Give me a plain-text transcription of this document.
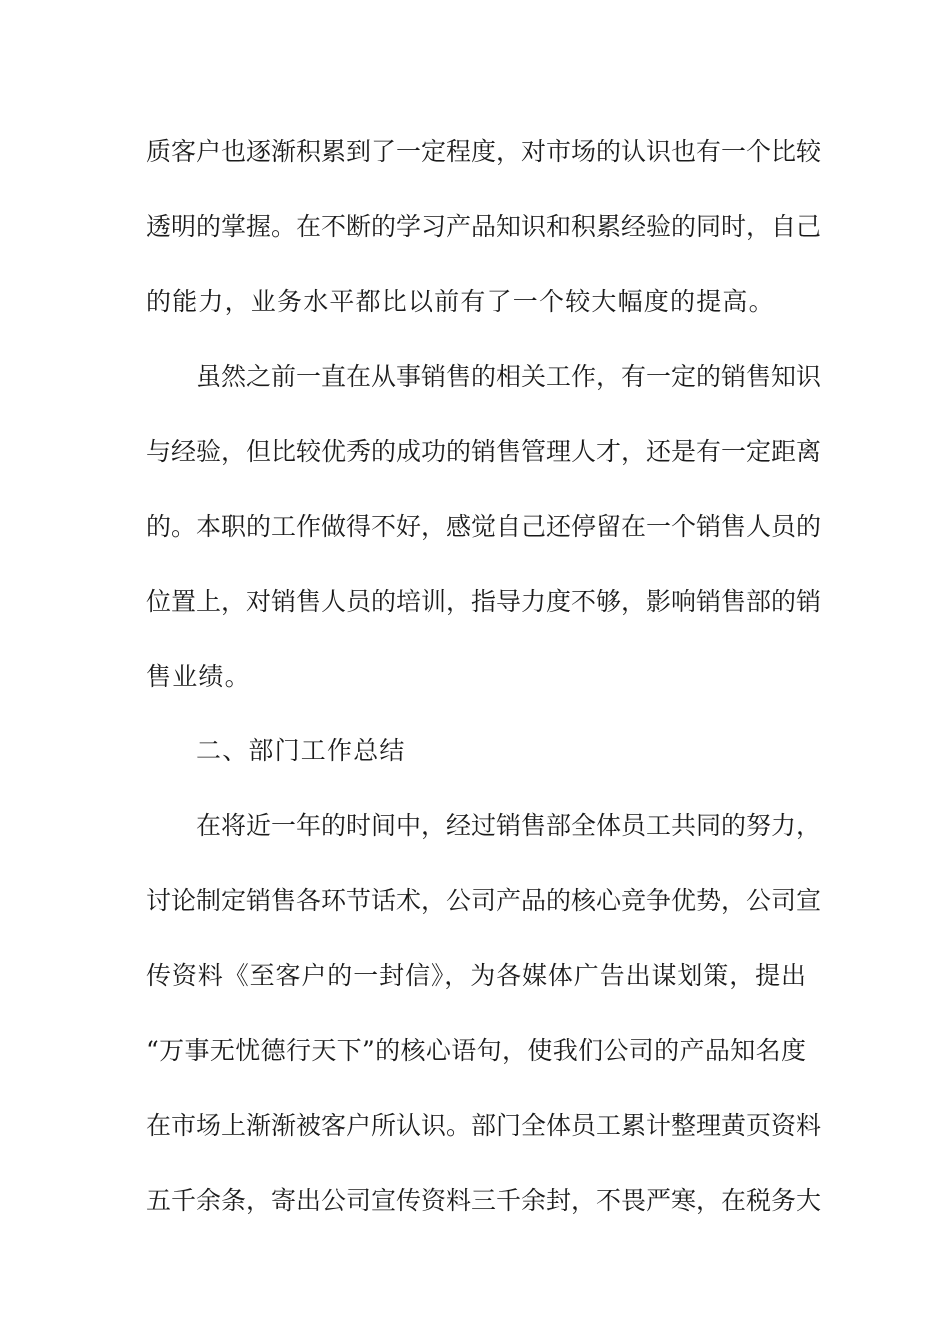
质客户也逐渐积累到了一定程度，对市场的认识也有一个比较
透明的掌握。在不断的学习产品知识和积累经验的同时，自己
的能力，业务水平都比以前有了一个较大幅度的提高。
虽然之前一直在从事销售的相关工作，有一定的销售知识
与经验，但比较优秀的成功的销售管理人才，还是有一定距离
的。本职的工作做得不好，感觉自己还停留在一个销售人员的
位置上，对销售人员的培训，指导力度不够，影响销售部的销
售业绩。
二、部门工作总结
在将近一年的时间中，经过销售部全体员工共同的努力，
讨论制定销售各环节话术，公司产品的核心竞争优势，公司宣
传资料《至客户的一封信》，为各媒体广告出谋划策，提出
“万事无忧德行天下”的核心语句，使我们公司的产品知名度
在市场上渐渐被客户所认识。部门全体员工累计整理黄页资料
五千余条，寄出公司宣传资料三千余封，不畏严寒，在税务大
